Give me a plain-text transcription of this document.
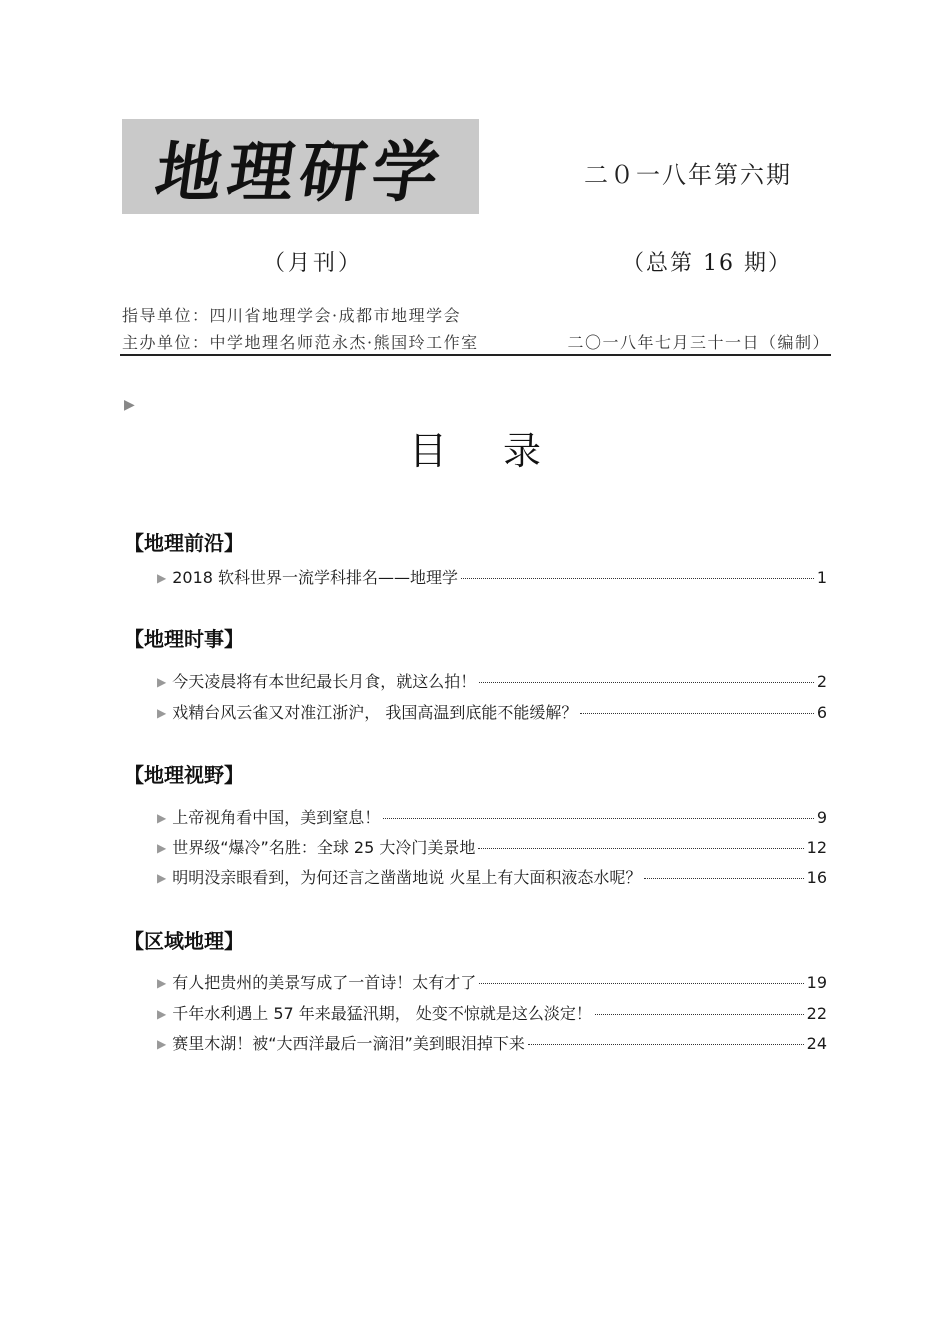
地理研学	二０一八年第六期
（月刊）	（总第 16 期）
指导单位：四川省地理学会·成都市地理学会
主办单位：中学地理名师范永杰·熊国玲工作室	二〇一八年七月三十一日（编制）
▶
目录
【地理前沿】
▶ 2018 软科世界一流学科排名——地理学	1
【地理时事】
▶ 今天凌晨将有本世纪最长月食，就这么拍！	2
▶ 戏精台风云雀又对准江浙沪， 我国高温到底能不能缓解？	6
【地理视野】
▶ 上帝视角看中国，美到窒息！	9
▶ 世界级“爆冷”名胜：全球 25 大冷门美景地	12
▶ 明明没亲眼看到，为何还言之凿凿地说 火星上有大面积液态水呢？	16
【区域地理】
▶ 有人把贵州的美景写成了一首诗！太有才了	19
▶ 千年水利遇上 57 年来最猛汛期， 处变不惊就是这么淡定！	22
▶ 赛里木湖！被“大西洋最后一滴泪”美到眼泪掉下来	24
